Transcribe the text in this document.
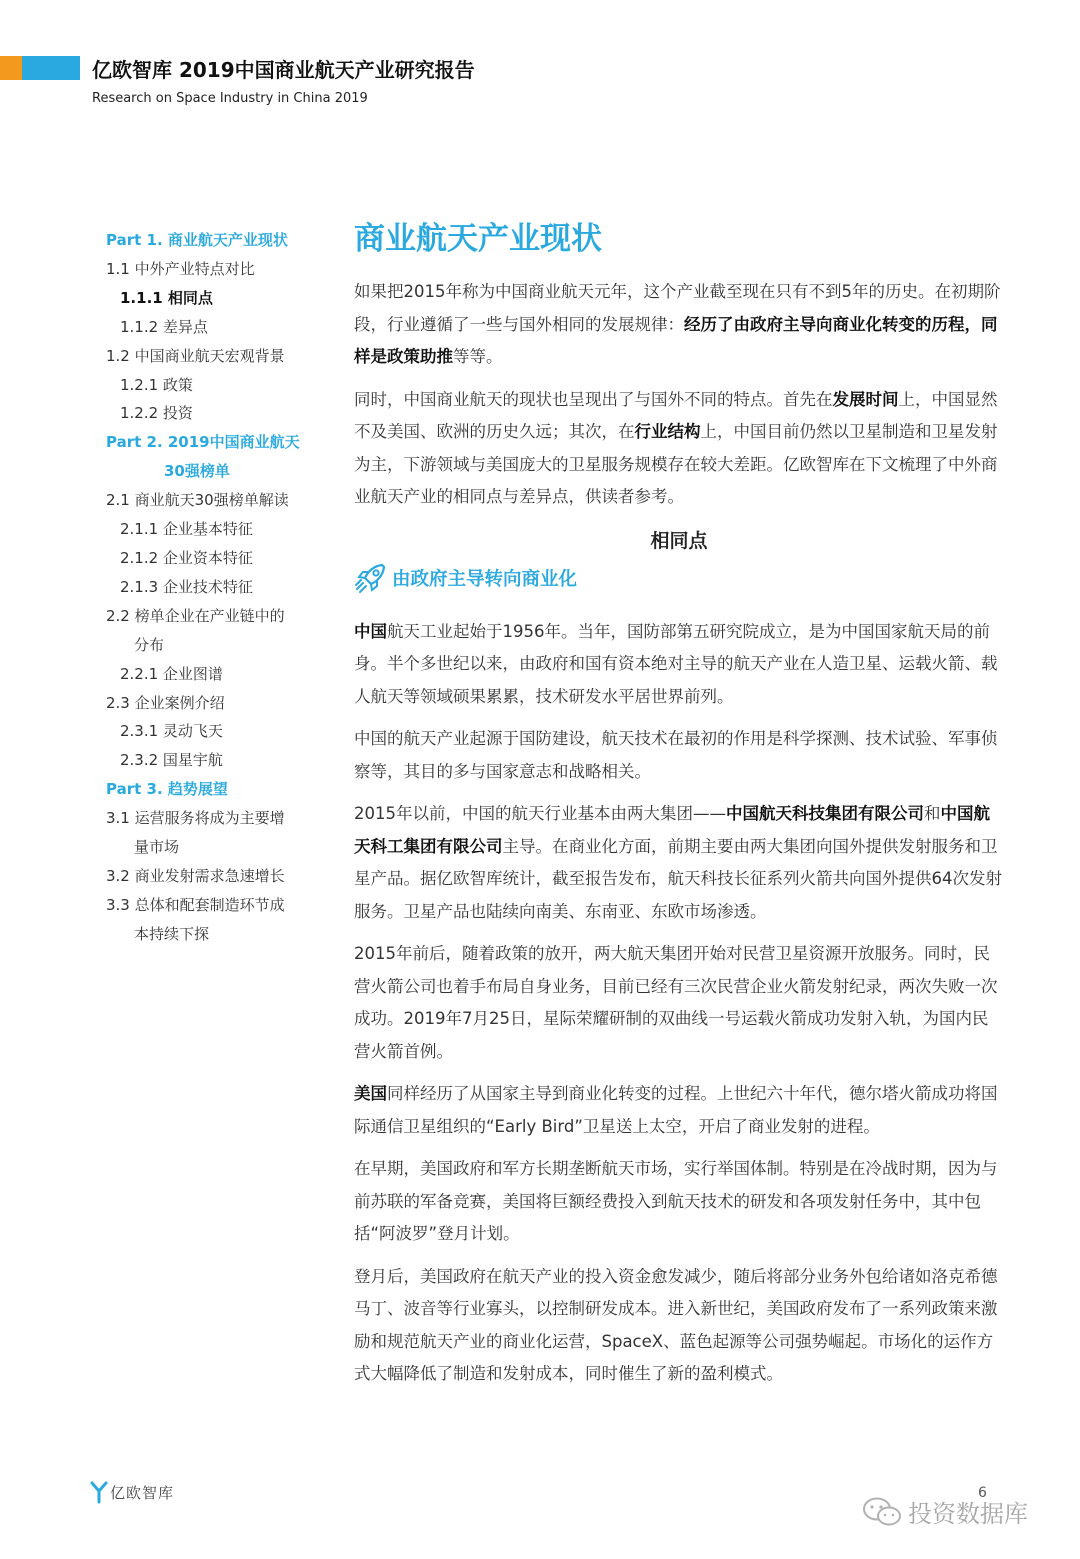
亿欧智库 2019中国商业航天产业研究报告
Research on Space Industry in China 2019
Part 1. 商业航天产业现状
1.1 中外产业特点对比
1.1.1 相同点
1.1.2 差异点
1.2 中国商业航天宏观背景
1.2.1 政策
1.2.2 投资
Part 2. 2019中国商业航天
30强榜单
2.1 商业航天30强榜单解读
2.1.1 企业基本特征
2.1.2 企业资本特征
2.1.3 企业技术特征
2.2 榜单企业在产业链中的
分布
2.2.1 企业图谱
2.3 企业案例介绍
2.3.1 灵动飞天
2.3.2 国星宇航
Part 3. 趋势展望
3.1 运营服务将成为主要增
量市场
3.2 商业发射需求急速增长
3.3 总体和配套制造环节成
本持续下探
商业航天产业现状

如果把2015年称为中国商业航天元年，这个产业截至现在只有不到5年的历史。在初期阶段，行业遵循了一些与国外相同的发展规律：经历了由政府主导向商业化转变的历程，同样是政策助推等等。

同时，中国商业航天的现状也呈现出了与国外不同的特点。首先在发展时间上，中国显然不及美国、欧洲的历史久远；其次，在行业结构上，中国目前仍然以卫星制造和卫星发射为主，下游领域与美国庞大的卫星服务规模存在较大差距。亿欧智库在下文梳理了中外商业航天产业的相同点与差异点，供读者参考。

相同点
由政府主导转向商业化

中国航天工业起始于1956年。当年，国防部第五研究院成立，是为中国国家航天局的前身。半个多世纪以来，由政府和国有资本绝对主导的航天产业在人造卫星、运载火箭、载人航天等领域硕果累累，技术研发水平居世界前列。

中国的航天产业起源于国防建设，航天技术在最初的作用是科学探测、技术试验、军事侦察等，其目的多与国家意志和战略相关。

2015年以前，中国的航天行业基本由两大集团——中国航天科技集团有限公司和中国航天科工集团有限公司主导。在商业化方面，前期主要由两大集团向国外提供发射服务和卫星产品。据亿欧智库统计，截至报告发布，航天科技长征系列火箭共向国外提供64次发射服务。卫星产品也陆续向南美、东南亚、东欧市场渗透。

2015年前后，随着政策的放开，两大航天集团开始对民营卫星资源开放服务。同时，民营火箭公司也着手布局自身业务，目前已经有三次民营企业火箭发射纪录，两次失败一次成功。2019年7月25日，星际荣耀研制的双曲线一号运载火箭成功发射入轨，为国内民营火箭首例。

美国同样经历了从国家主导到商业化转变的过程。上世纪六十年代，德尔塔火箭成功将国际通信卫星组织的“Early Bird”卫星送上太空，开启了商业发射的进程。

在早期，美国政府和军方长期垄断航天市场，实行举国体制。特别是在冷战时期，因为与前苏联的军备竞赛，美国将巨额经费投入到航天技术的研发和各项发射任务中，其中包括“阿波罗”登月计划。

登月后，美国政府在航天产业的投入资金愈发减少，随后将部分业务外包给诸如洛克希德马丁、波音等行业寡头，以控制研发成本。进入新世纪，美国政府发布了一系列政策来激励和规范航天产业的商业化运营，SpaceX、蓝色起源等公司强势崛起。市场化的运作方式大幅降低了制造和发射成本，同时催生了新的盈利模式。

亿欧智库	6
投资数据库
